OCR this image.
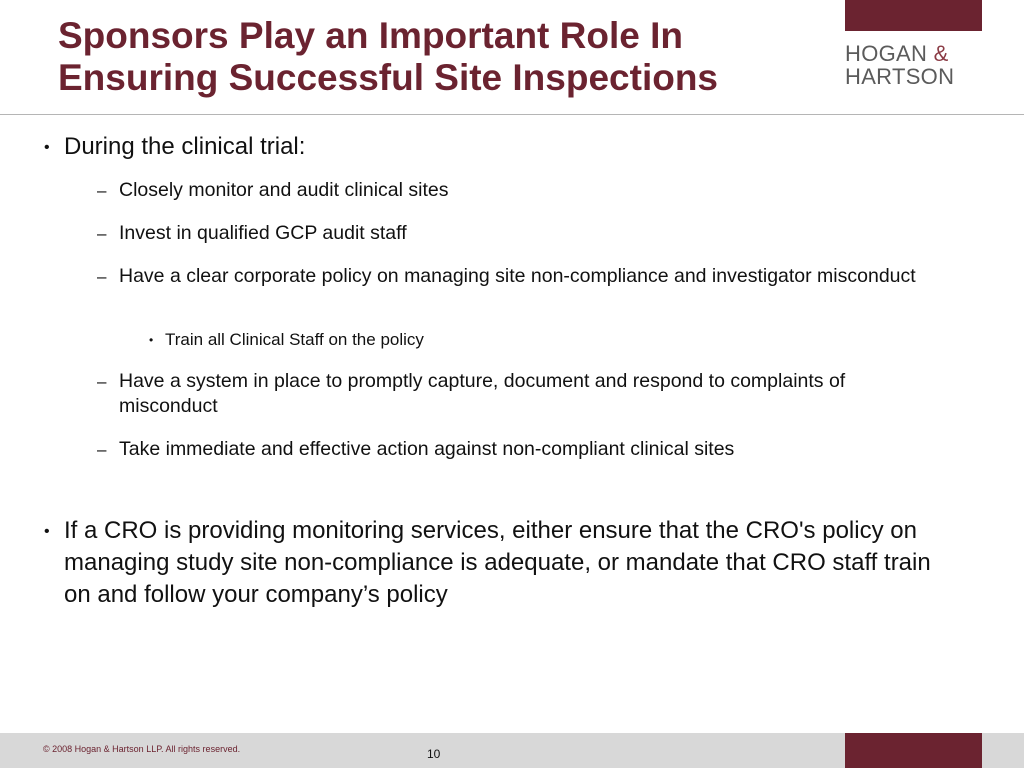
Sponsors Play an Important Role In
Ensuring Successful Site Inspections
HOGAN &
HARTSON
• During the clinical trial:
– Closely monitor and audit clinical sites
– Invest in qualified GCP audit staff
– Have a clear corporate policy on managing site non-compliance and investigator misconduct
• Train all Clinical Staff on the policy
– Have a system in place to promptly capture, document and respond to complaints of misconduct
– Take immediate and effective action against non-compliant clinical sites
• If a CRO is providing monitoring services, either ensure that the CRO's policy on managing study site non-compliance is adequate, or mandate that CRO staff train on and follow your company’s policy
© 2008 Hogan & Hartson LLP. All rights reserved.	10
